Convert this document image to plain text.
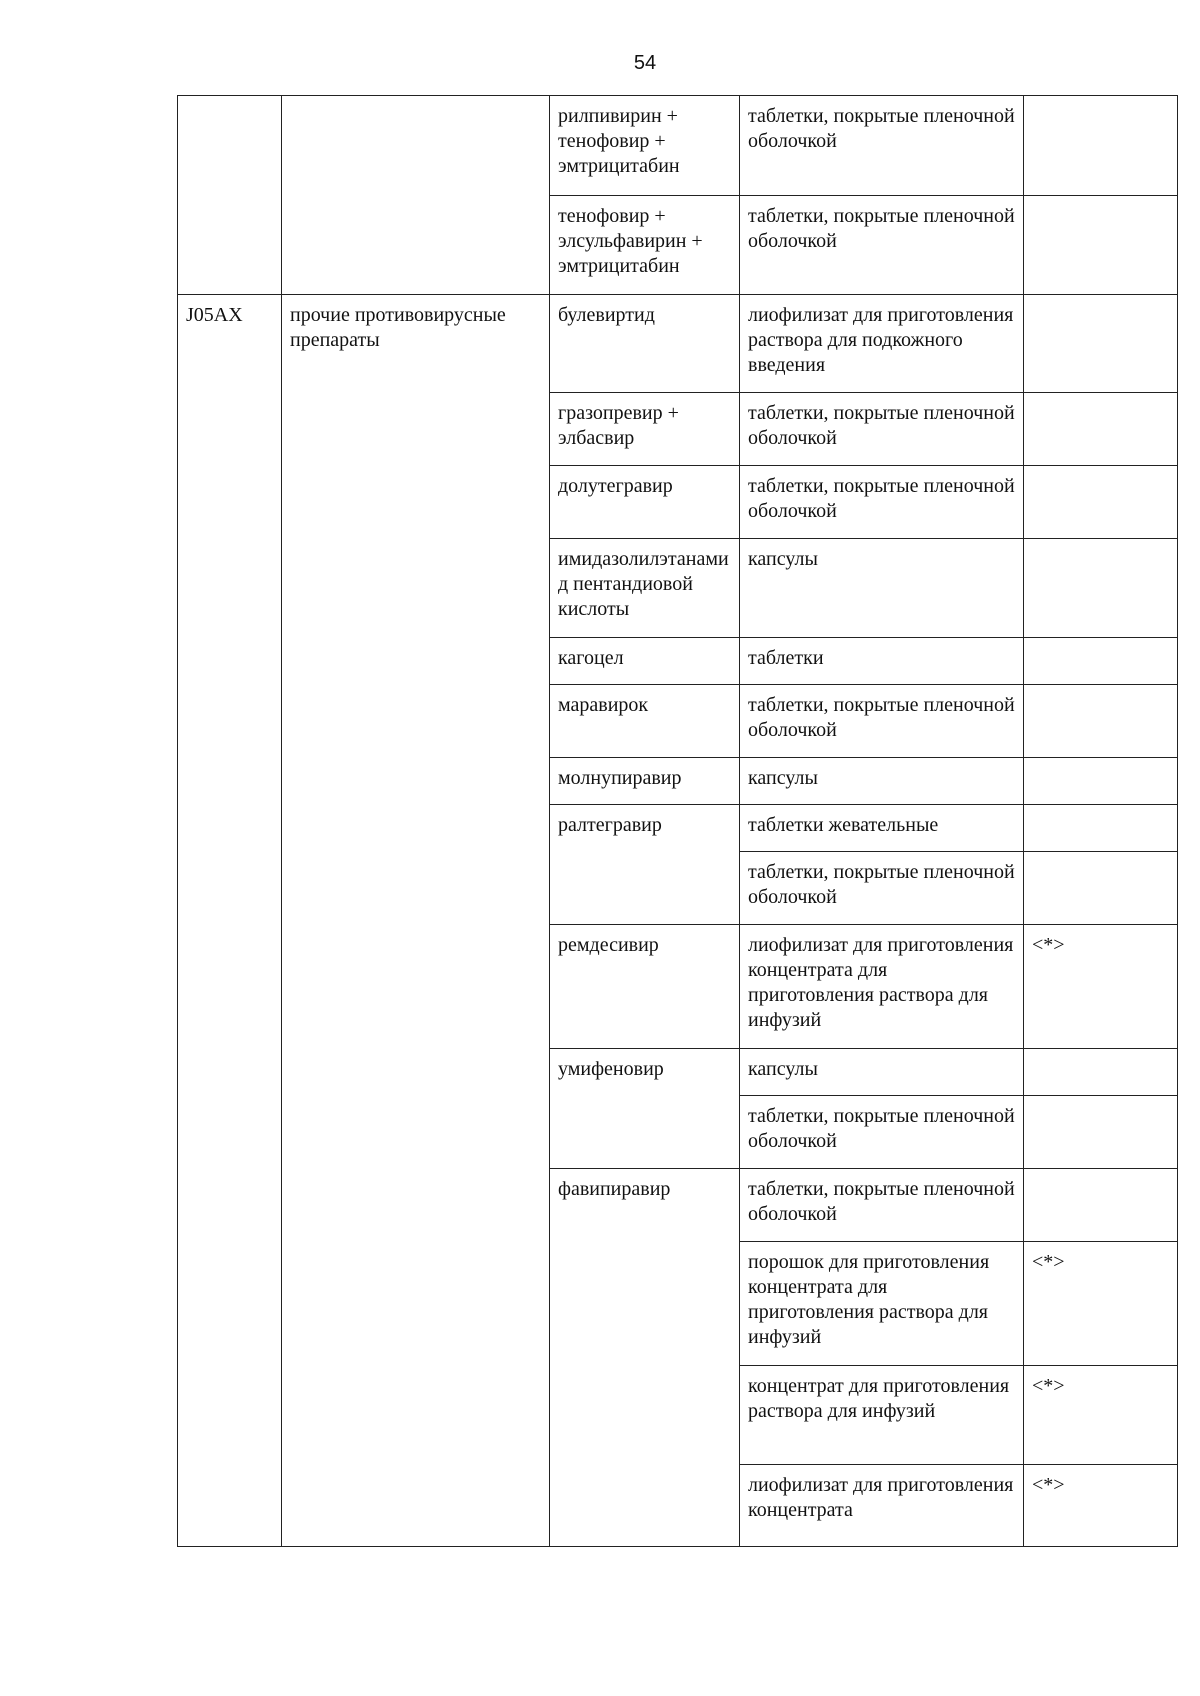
54
		рилпивирин + тенофовир + эмтрицитабин	таблетки, покрытые пленочной оболочкой	
		тенофовир + элсульфавирин + эмтрицитабин	таблетки, покрытые пленочной оболочкой	
J05AX	прочие противовирусные препараты	булевиртид	лиофилизат для приготовления раствора для подкожного введения	
		гразопревир + элбасвир	таблетки, покрытые пленочной оболочкой	
		долутегравир	таблетки, покрытые пленочной оболочкой	
		имидазолилэтанамид пентандиовой кислоты	капсулы	
		кагоцел	таблетки	
		маравирок	таблетки, покрытые пленочной оболочкой	
		молнупиравир	капсулы	
		ралтегравир	таблетки жевательные	
			таблетки, покрытые пленочной оболочкой	
		ремдесивир	лиофилизат для приготовления концентрата для приготовления раствора для инфузий	<*>
		умифеновир	капсулы	
			таблетки, покрытые пленочной оболочкой	
		фавипиравир	таблетки, покрытые пленочной оболочкой	
			порошок для приготовления концентрата для приготовления раствора для инфузий	<*>
			концентрат для приготовления раствора для инфузий	<*>
			лиофилизат для приготовления концентрата	<*>
